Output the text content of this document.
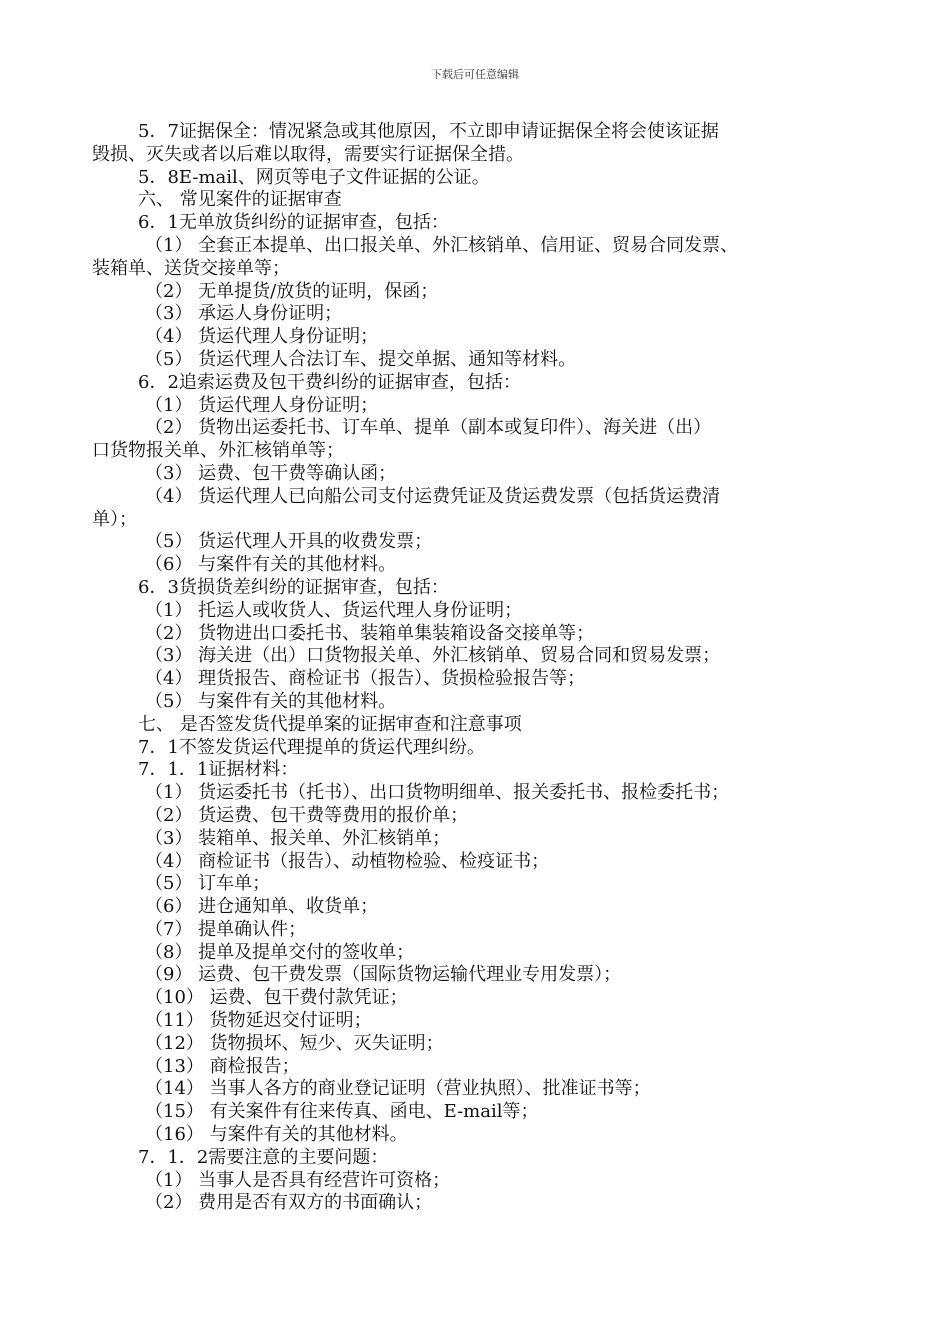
下载后可任意编辑
5．7证据保全：情况紧急或其他原因，不立即申请证据保全将会使该证据
毁损、灭失或者以后难以取得，需要实行证据保全措。
5．8E-mail、网页等电子文件证据的公证。
六、 常见案件的证据审查
6．1无单放货纠纷的证据审查，包括：
（1） 全套正本提单、出口报关单、外汇核销单、信用证、贸易合同发票、
装箱单、送货交接单等；
（2） 无单提货/放货的证明，保函；
（3） 承运人身份证明；
（4） 货运代理人身份证明；
（5） 货运代理人合法订车、提交单据、通知等材料。
6．2追索运费及包干费纠纷的证据审查，包括：
（1） 货运代理人身份证明；
（2） 货物出运委托书、订车单、提单（副本或复印件）、海关进（出）
口货物报关单、外汇核销单等；
（3） 运费、包干费等确认函；
（4） 货运代理人已向船公司支付运费凭证及货运费发票（包括货运费清
单）；
（5） 货运代理人开具的收费发票；
（6） 与案件有关的其他材料。
6．3货损货差纠纷的证据审查，包括：
（1） 托运人或收货人、货运代理人身份证明；
（2） 货物进出口委托书、装箱单集装箱设备交接单等；
（3） 海关进（出）口货物报关单、外汇核销单、贸易合同和贸易发票；
（4） 理货报告、商检证书（报告）、货损检验报告等；
（5） 与案件有关的其他材料。
七、 是否签发货代提单案的证据审查和注意事项
7．1不签发货运代理提单的货运代理纠纷。
7．1．1证据材料：
（1） 货运委托书（托书）、出口货物明细单、报关委托书、报检委托书；
（2） 货运费、包干费等费用的报价单；
（3） 装箱单、报关单、外汇核销单；
（4） 商检证书（报告）、动植物检验、检疫证书；
（5） 订车单；
（6） 进仓通知单、收货单；
（7） 提单确认件；
（8） 提单及提单交付的签收单；
（9） 运费、包干费发票（国际货物运输代理业专用发票）；
（10） 运费、包干费付款凭证；
（11） 货物延迟交付证明；
（12） 货物损坏、短少、灭失证明；
（13） 商检报告；
（14） 当事人各方的商业登记证明（营业执照）、批准证书等；
（15） 有关案件有往来传真、函电、E-mail等；
（16） 与案件有关的其他材料。
7．1．2需要注意的主要问题：
（1） 当事人是否具有经营许可资格；
（2） 费用是否有双方的书面确认；
